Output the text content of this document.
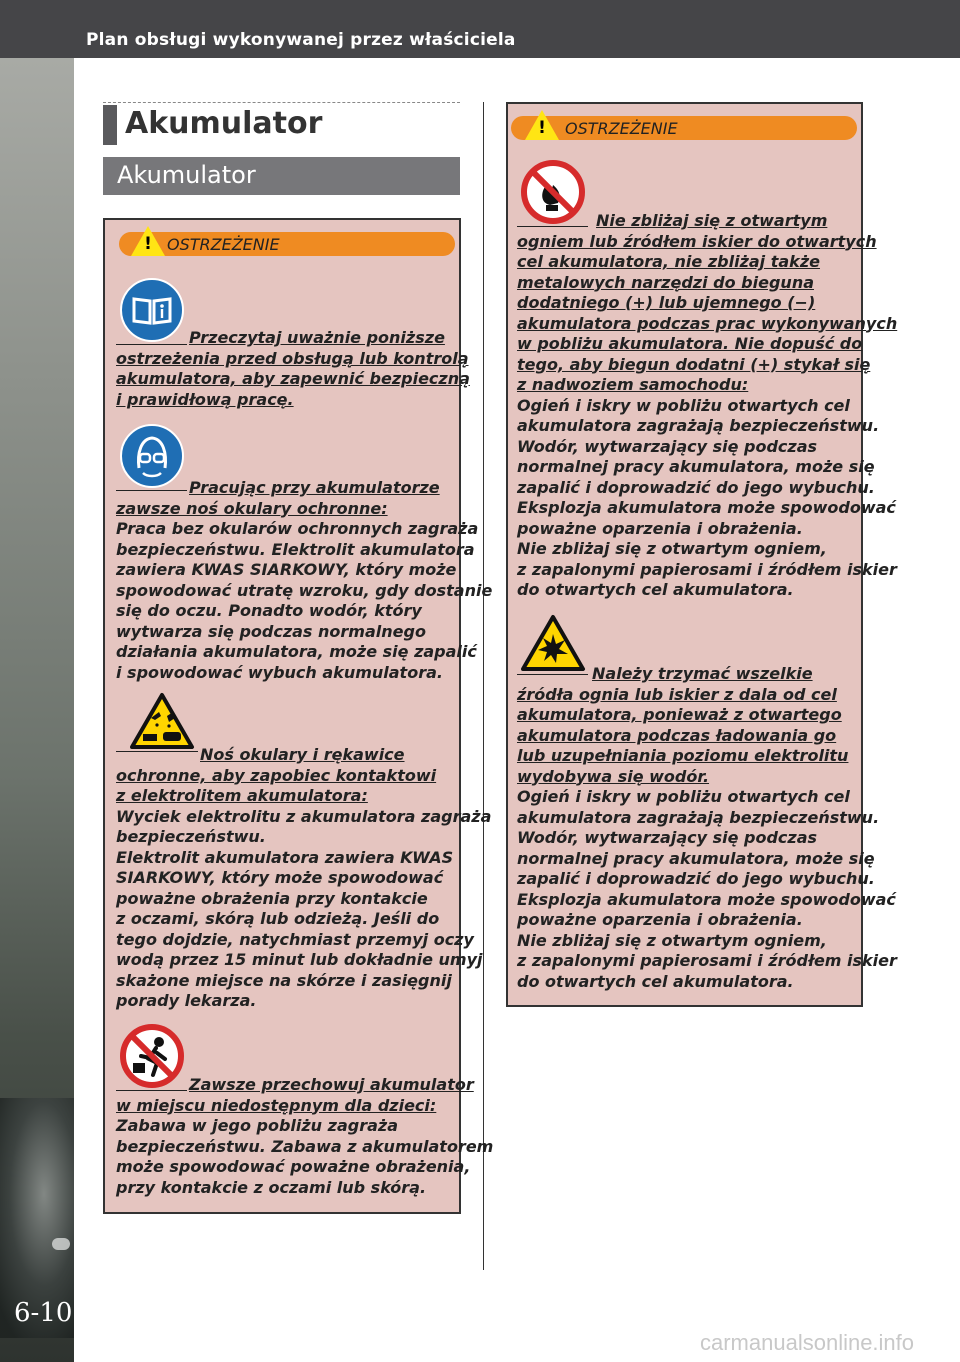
Plan obsługi wykonywanej przez właściciela
6-10
Akumulator
Akumulator
! OSTRZEŻENIE
Przeczytaj uważnie poniższe
ostrzeżenia przed obsługą lub kontrolą
akumulatora, aby zapewnić bezpieczną
i prawidłową pracę.
Pracując przy akumulatorze
zawsze noś okulary ochronne:
Praca bez okularów ochronnych zagraża
bezpieczeństwu. Elektrolit akumulatora
zawiera KWAS SIARKOWY, który może
spowodować utratę wzroku, gdy dostanie
się do oczu. Ponadto wodór, który
wytwarza się podczas normalnego
działania akumulatora, może się zapalić
i spowodować wybuch akumulatora.
Noś okulary i rękawice
ochronne, aby zapobiec kontaktowi
z elektrolitem akumulatora:
Wyciek elektrolitu z akumulatora zagraża
bezpieczeństwu.
Elektrolit akumulatora zawiera KWAS
SIARKOWY, który może spowodować
poważne obrażenia przy kontakcie
z oczami, skórą lub odzieżą. Jeśli do
tego dojdzie, natychmiast przemyj oczy
wodą przez 15 minut lub dokładnie umyj
skażone miejsce na skórze i zasięgnij
porady lekarza.
Zawsze przechowuj akumulator
w miejscu niedostępnym dla dzieci:
Zabawa w jego pobliżu zagraża
bezpieczeństwu. Zabawa z akumulatorem
może spowodować poważne obrażenia,
przy kontakcie z oczami lub skórą.
!	OSTRZEŻENIE
Nie zbliżaj się z otwartym
ogniem lub źródłem iskier do otwartych
cel akumulatora, nie zbliżaj także
metalowych narzędzi do bieguna
dodatniego (+) lub ujemnego (−)
akumulatora podczas prac wykonywanych
w pobliżu akumulatora. Nie dopuść do
tego, aby biegun dodatni (+) stykał się
z nadwoziem samochodu:
Ogień i iskry w pobliżu otwartych cel
akumulatora zagrażają bezpieczeństwu.
Wodór, wytwarzający się podczas
normalnej pracy akumulatora, może się
zapalić i doprowadzić do jego wybuchu.
Eksplozja akumulatora może spowodować
poważne oparzenia i obrażenia.
Nie zbliżaj się z otwartym ogniem,
z zapalonymi papierosami i źródłem iskier
do otwartych cel akumulatora.
Należy trzymać wszelkie
źródła ognia lub iskier z dala od cel
akumulatora, ponieważ z otwartego
akumulatora podczas ładowania go
lub uzupełniania poziomu elektrolitu
wydobywa się wodór.
Ogień i iskry w pobliżu otwartych cel
akumulatora zagrażają bezpieczeństwu.
Wodór, wytwarzający się podczas
normalnej pracy akumulatora, może się
zapalić i doprowadzić do jego wybuchu.
Eksplozja akumulatora może spowodować
poważne oparzenia i obrażenia.
Nie zbliżaj się z otwartym ogniem,
z zapalonymi papierosami i źródłem iskier
do otwartych cel akumulatora.
carmanualsonline.info
